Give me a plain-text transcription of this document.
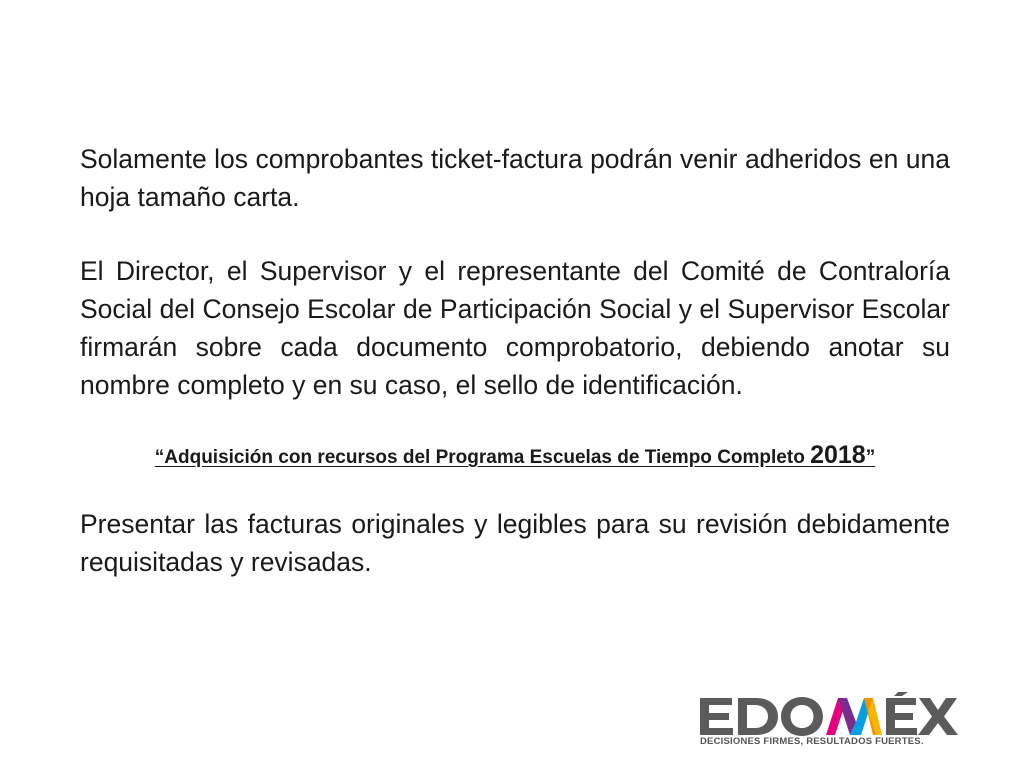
Solamente los comprobantes ticket-factura podrán venir adheridos en una hoja tamaño carta.

El Director, el Supervisor y el representante del Comité de Contraloría Social del Consejo Escolar de Participación Social y el Supervisor Escolar firmarán sobre cada documento comprobatorio, debiendo anotar su nombre completo y en su caso, el sello de identificación.

“Adquisición con recursos del Programa Escuelas de Tiempo Completo 2018”

Presentar las facturas originales y legibles para su revisión debidamente requisitadas y revisadas.

DECISIONES FIRMES, RESULTADOS FUERTES.
